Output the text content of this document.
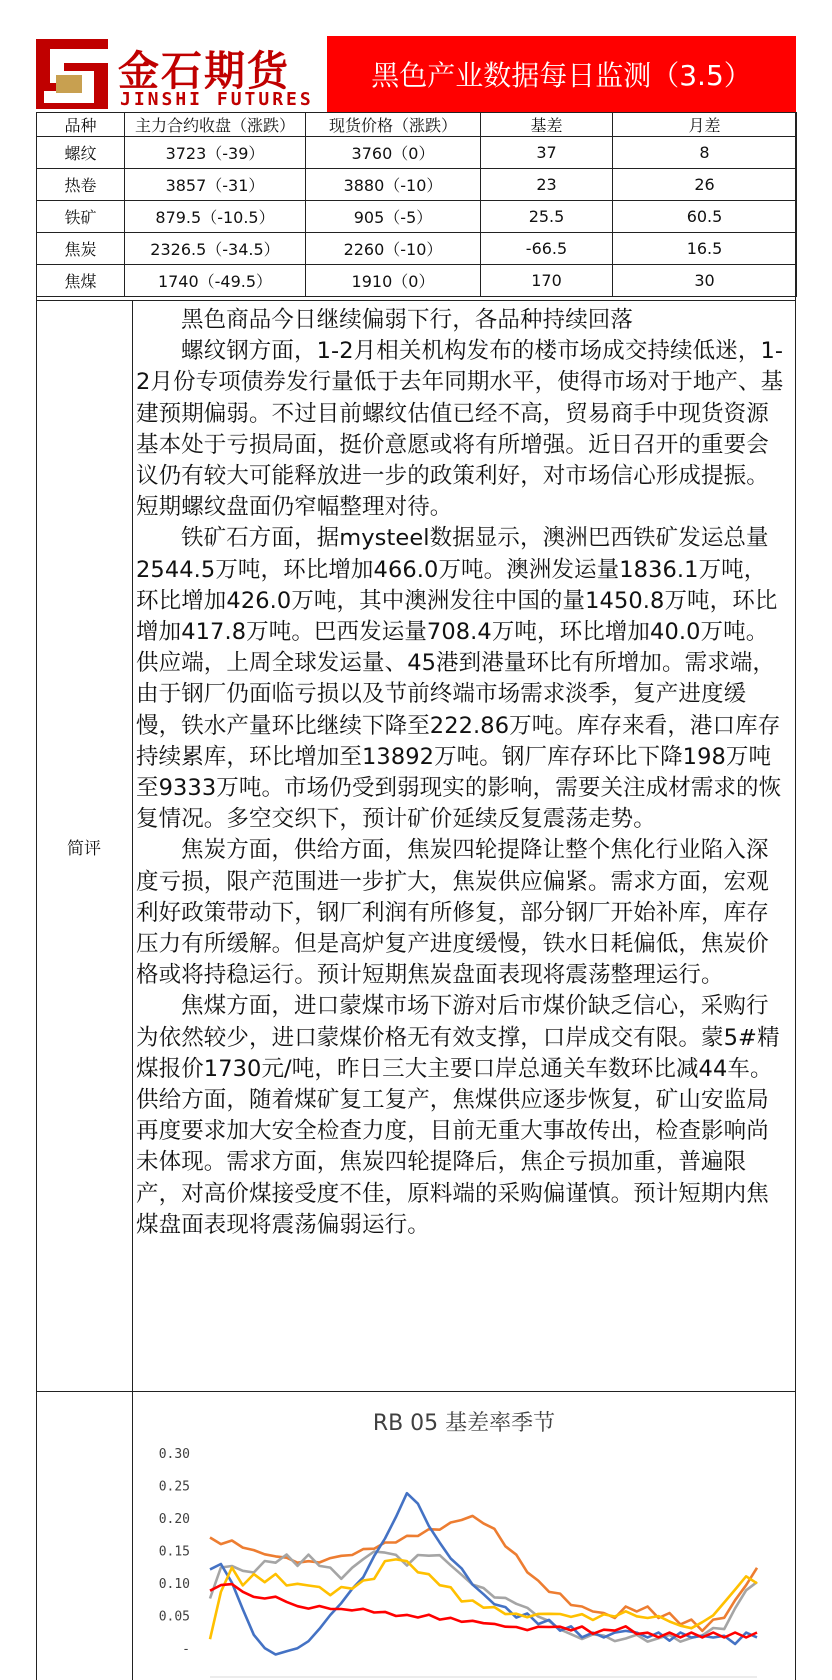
金石期货
JINSHI FUTURES
黑色产业数据每日监测（3.5）
品种	主力合约收盘（涨跌）	现货价格（涨跌）	基差	月差
螺纹	3723（-39）	3760（0）	37	8
热卷	3857（-31）	3880（-10）	23	26
铁矿	879.5（-10.5）	905（-5）	25.5	60.5
焦炭	2326.5（-34.5）	2260（-10）	-66.5	16.5
焦煤	1740（-49.5）	1910（0）	170	30
简评

黑色商品今日继续偏弱下行，各品种持续回落

螺纹钢方面，1-2月相关机构发布的楼市场成交持续低迷，1-2月份专项债券发行量低于去年同期水平，使得市场对于地产、基建预期偏弱。不过目前螺纹估值已经不高，贸易商手中现货资源基本处于亏损局面，挺价意愿或将有所增强。近日召开的重要会议仍有较大可能释放进一步的政策利好，对市场信心形成提振。短期螺纹盘面仍窄幅整理对待。

铁矿石方面，据mysteel数据显示，澳洲巴西铁矿发运总量2544.5万吨，环比增加466.0万吨。澳洲发运量1836.1万吨，环比增加426.0万吨，其中澳洲发往中国的量1450.8万吨，环比增加417.8万吨。巴西发运量708.4万吨，环比增加40.0万吨。 供应端，上周全球发运量、45港到港量环比有所增加。需求端，由于钢厂仍面临亏损以及节前终端市场需求淡季，复产进度缓慢，铁水产量环比继续下降至222.86万吨。库存来看，港口库存持续累库，环比增加至13892万吨。钢厂库存环比下降198万吨至9333万吨。市场仍受到弱现实的影响，需要关注成材需求的恢复情况。多空交织下，预计矿价延续反复震荡走势。

焦炭方面，供给方面，焦炭四轮提降让整个焦化行业陷入深度亏损，限产范围进一步扩大，焦炭供应偏紧。需求方面，宏观利好政策带动下，钢厂利润有所修复，部分钢厂开始补库，库存压力有所缓解。但是高炉复产进度缓慢，铁水日耗偏低，焦炭价格或将持稳运行。预计短期焦炭盘面表现将震荡整理运行。

焦煤方面，进口蒙煤市场下游对后市煤价缺乏信心，采购行为依然较少，进口蒙煤价格无有效支撑，口岸成交有限。蒙5#精煤报价1730元/吨，昨日三大主要口岸总通关车数环比减44车。供给方面，随着煤矿复工复产，焦煤供应逐步恢复，矿山安监局再度要求加大安全检查力度，目前无重大事故传出，检查影响尚未体现。需求方面，焦炭四轮提降后，焦企亏损加重，普遍限产，对高价煤接受度不佳，原料端的采购偏谨慎。预计短期内焦煤盘面表现将震荡偏弱运行。

RB 05 基差率季节
0.30
0.25
0.20
0.15
0.10
0.05
-
